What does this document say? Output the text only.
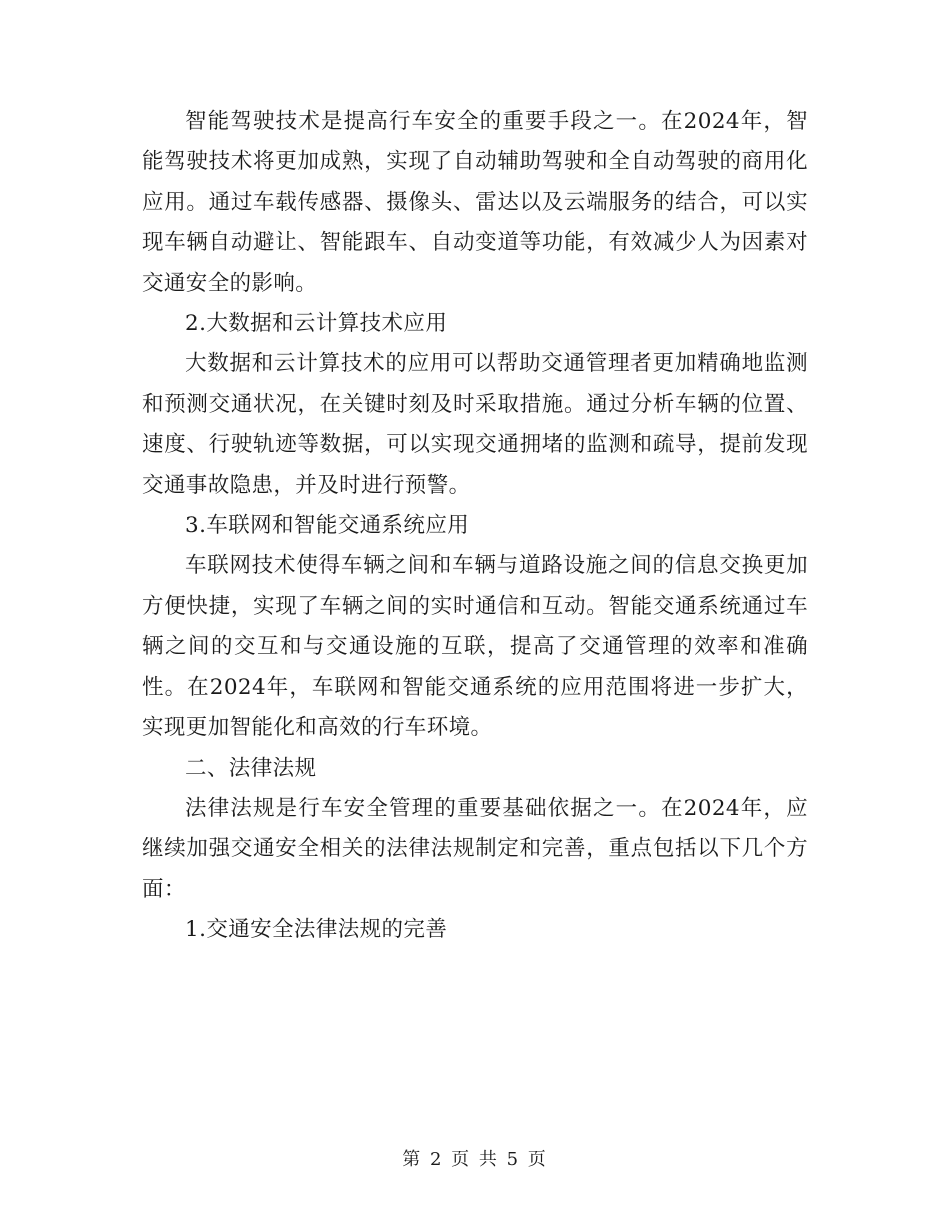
智能驾驶技术是提高行车安全的重要手段之一。在2024年，智能驾驶技术将更加成熟，实现了自动辅助驾驶和全自动驾驶的商用化应用。通过车载传感器、摄像头、雷达以及云端服务的结合，可以实现车辆自动避让、智能跟车、自动变道等功能，有效减少人为因素对交通安全的影响。

2.大数据和云计算技术应用

大数据和云计算技术的应用可以帮助交通管理者更加精确地监测和预测交通状况，在关键时刻及时采取措施。通过分析车辆的位置、速度、行驶轨迹等数据，可以实现交通拥堵的监测和疏导，提前发现交通事故隐患，并及时进行预警。

3.车联网和智能交通系统应用

车联网技术使得车辆之间和车辆与道路设施之间的信息交换更加方便快捷，实现了车辆之间的实时通信和互动。智能交通系统通过车辆之间的交互和与交通设施的互联，提高了交通管理的效率和准确性。在2024年，车联网和智能交通系统的应用范围将进一步扩大，实现更加智能化和高效的行车环境。

二、法律法规

法律法规是行车安全管理的重要基础依据之一。在2024年，应继续加强交通安全相关的法律法规制定和完善，重点包括以下几个方面：

1.交通安全法律法规的完善

第 2 页 共 5 页
